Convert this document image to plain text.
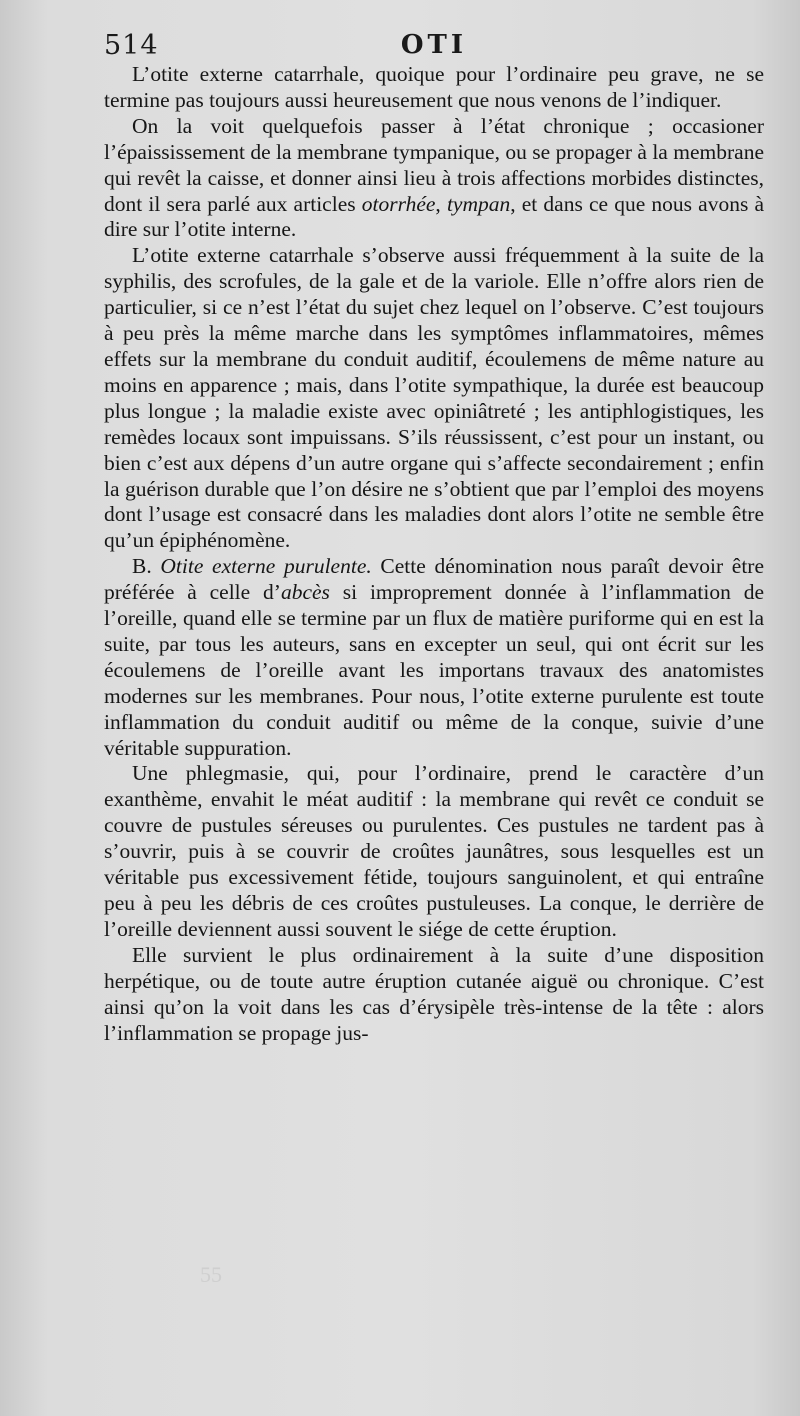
514	OTI

L’otite externe catarrhale, quoique pour l’ordinaire peu grave, ne se termine pas toujours aussi heureusement que nous venons de l’indiquer.

On la voit quelquefois passer à l’état chronique ; occasioner l’épaississement de la membrane tympanique, ou se propager à la membrane qui revêt la caisse, et donner ainsi lieu à trois affections morbides distinctes, dont il sera parlé aux articles otorrhée, tympan, et dans ce que nous avons à dire sur l’otite interne.

L’otite externe catarrhale s’observe aussi fréquemment à la suite de la syphilis, des scrofules, de la gale et de la variole. Elle n’offre alors rien de particulier, si ce n’est l’état du sujet chez lequel on l’observe. C’est toujours à peu près la même marche dans les symptômes inflammatoires, mêmes effets sur la membrane du conduit auditif, écoulemens de même nature au moins en apparence ; mais, dans l’otite sympathique, la durée est beaucoup plus longue ; la maladie existe avec opiniâtreté ; les antiphlogistiques, les remèdes locaux sont impuissans. S’ils réussissent, c’est pour un instant, ou bien c’est aux dépens d’un autre organe qui s’affecte secondairement ; enfin la guérison durable que l’on désire ne s’obtient que par l’emploi des moyens dont l’usage est consacré dans les maladies dont alors l’otite ne semble être qu’un épiphénomène.

B. Otite externe purulente. Cette dénomination nous paraît devoir être préférée à celle d’abcès si improprement donnée à l’inflammation de l’oreille, quand elle se termine par un flux de matière puriforme qui en est la suite, par tous les auteurs, sans en excepter un seul, qui ont écrit sur les écoulemens de l’oreille avant les importans travaux des anatomistes modernes sur les membranes. Pour nous, l’otite externe purulente est toute inflammation du conduit auditif ou même de la conque, suivie d’une véritable suppuration.

Une phlegmasie, qui, pour l’ordinaire, prend le caractère d’un exanthème, envahit le méat auditif : la membrane qui revêt ce conduit se couvre de pustules séreuses ou purulentes. Ces pustules ne tardent pas à s’ouvrir, puis à se couvrir de croûtes jaunâtres, sous lesquelles est un véritable pus excessivement fétide, toujours sanguinolent, et qui entraîne peu à peu les débris de ces croûtes pustuleuses. La conque, le derrière de l’oreille deviennent aussi souvent le siége de cette éruption.

Elle survient le plus ordinairement à la suite d’une disposition herpétique, ou de toute autre éruption cutanée aiguë ou chronique. C’est ainsi qu’on la voit dans les cas d’érysipèle très-intense de la tête : alors l’inflammation se propage jus-

55
